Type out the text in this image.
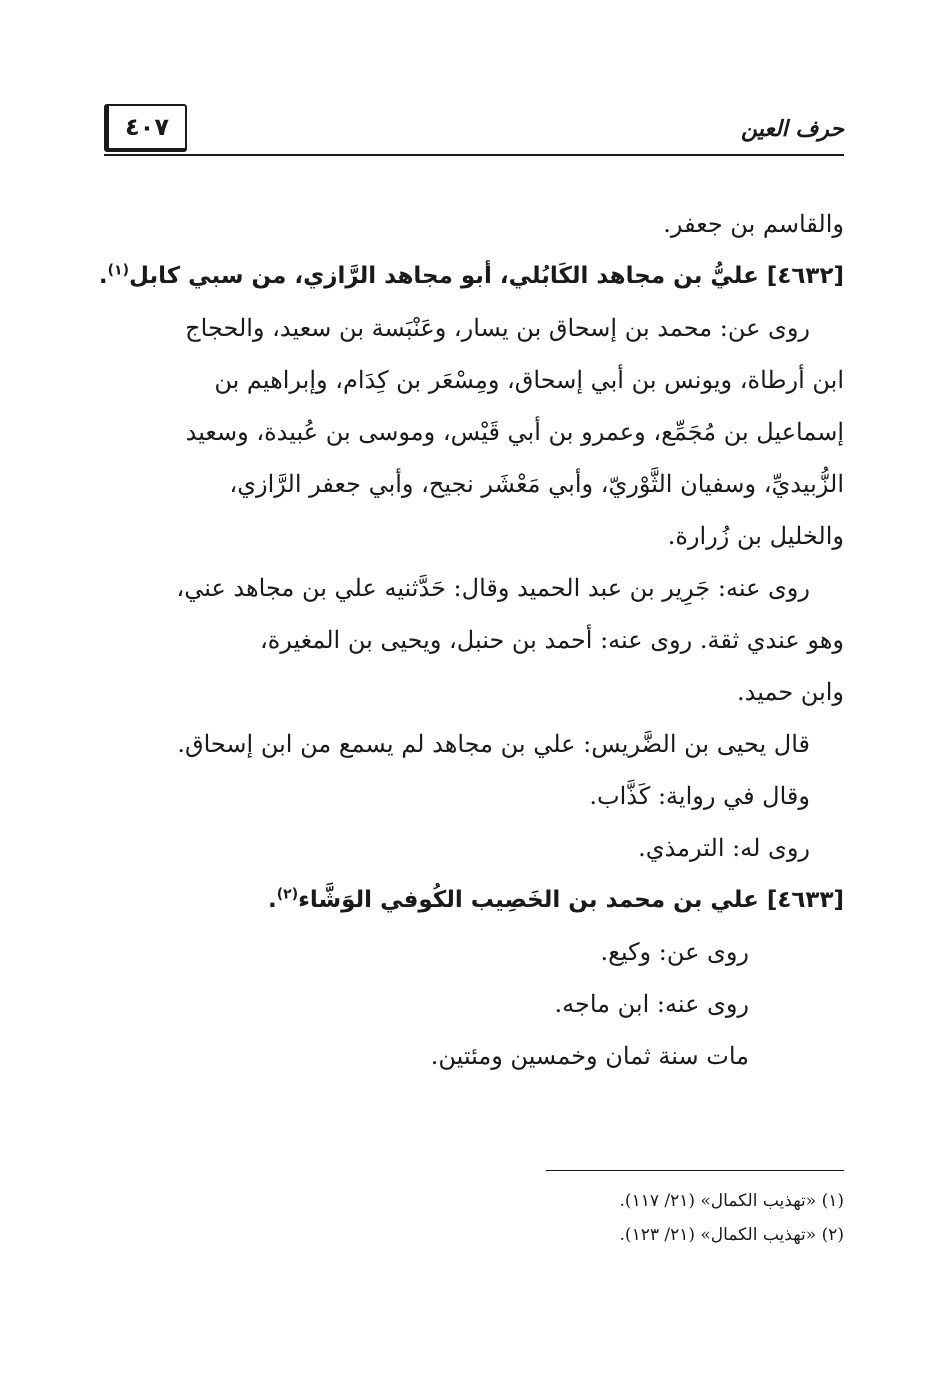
٤٠٧	حرف العين
والقاسم بن جعفر.
[٤٦٣٢] عليُّ بن مجاهد الكَابُلي، أبو مجاهد الرَّازي، من سبي كابل$^{(١)}$.
روى عن: محمد بن إسحاق بن يسار، وعَنْبَسة بن سعيد، والحجاج
ابن أرطاة، ويونس بن أبي إسحاق، ومِسْعَر بن كِدَام، وإبراهيم بن
إسماعيل بن مُجَمِّع، وعمرو بن أبي قَيْس، وموسى بن عُبيدة، وسعيد
الزُّبيديِّ، وسفيان الثَّوْريّ، وأبي مَعْشَر نجيح، وأبي جعفر الرَّازي،
والخليل بن زُرارة.
روى عنه: جَرِير بن عبد الحميد وقال: حَدَّثنيه علي بن مجاهد عني،
وهو عندي ثقة. روى عنه: أحمد بن حنبل، ويحيى بن المغيرة،
وابن حميد.
قال يحيى بن الضَّريس: علي بن مجاهد لم يسمع من ابن إسحاق.
وقال في رواية: كَذَّاب.
روى له: الترمذي.
[٤٦٣٣] علي بن محمد بن الخَصِيب الكُوفي الوَشَّاء$^{(٢)}$.
روى عن: وكيع.
روى عنه: ابن ماجه.
مات سنة ثمان وخمسين ومئتين.
(١) «تهذيب الكمال» (٢١/ ١١٧).
(٢) «تهذيب الكمال» (٢١/ ١٢٣).
